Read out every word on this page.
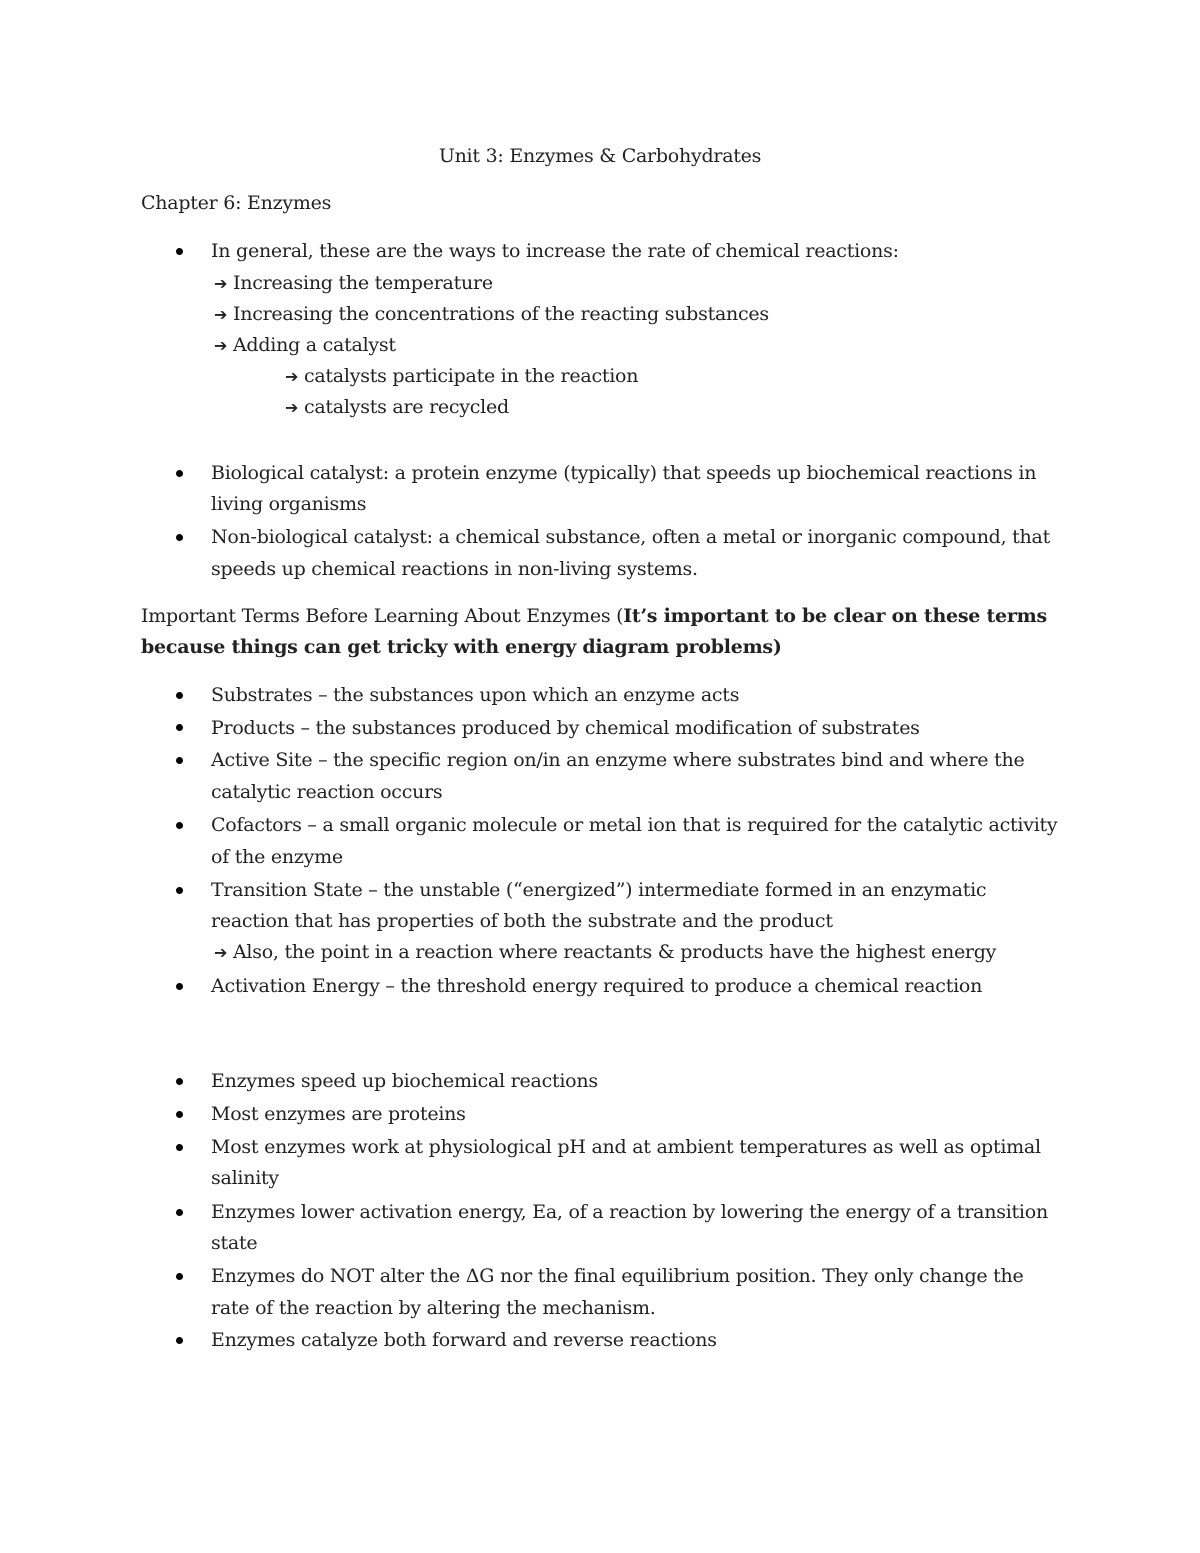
Unit 3: Enzymes & Carbohydrates
Chapter 6: Enzymes
In general, these are the ways to increase the rate of chemical reactions:
➔ Increasing the temperature
➔ Increasing the concentrations of the reacting substances
➔ Adding a catalyst
➔ catalysts participate in the reaction
➔ catalysts are recycled
Biological catalyst: a protein enzyme (typically) that speeds up biochemical reactions in
living organisms
Non-biological catalyst: a chemical substance, often a metal or inorganic compound, that
speeds up chemical reactions in non-living systems.
Important Terms Before Learning About Enzymes (It’s important to be clear on these terms
because things can get tricky with energy diagram problems)
Substrates – the substances upon which an enzyme acts
Products – the substances produced by chemical modification of substrates
Active Site – the specific region on/in an enzyme where substrates bind and where the
catalytic reaction occurs
Cofactors – a small organic molecule or metal ion that is required for the catalytic activity
of the enzyme
Transition State – the unstable (“energized”) intermediate formed in an enzymatic
reaction that has properties of both the substrate and the product
➔ Also, the point in a reaction where reactants & products have the highest energy
Activation Energy – the threshold energy required to produce a chemical reaction
Enzymes speed up biochemical reactions
Most enzymes are proteins
Most enzymes work at physiological pH and at ambient temperatures as well as optimal
salinity
Enzymes lower activation energy, Ea, of a reaction by lowering the energy of a transition
state
Enzymes do NOT alter the ΔG nor the final equilibrium position. They only change the
rate of the reaction by altering the mechanism.
Enzymes catalyze both forward and reverse reactions
